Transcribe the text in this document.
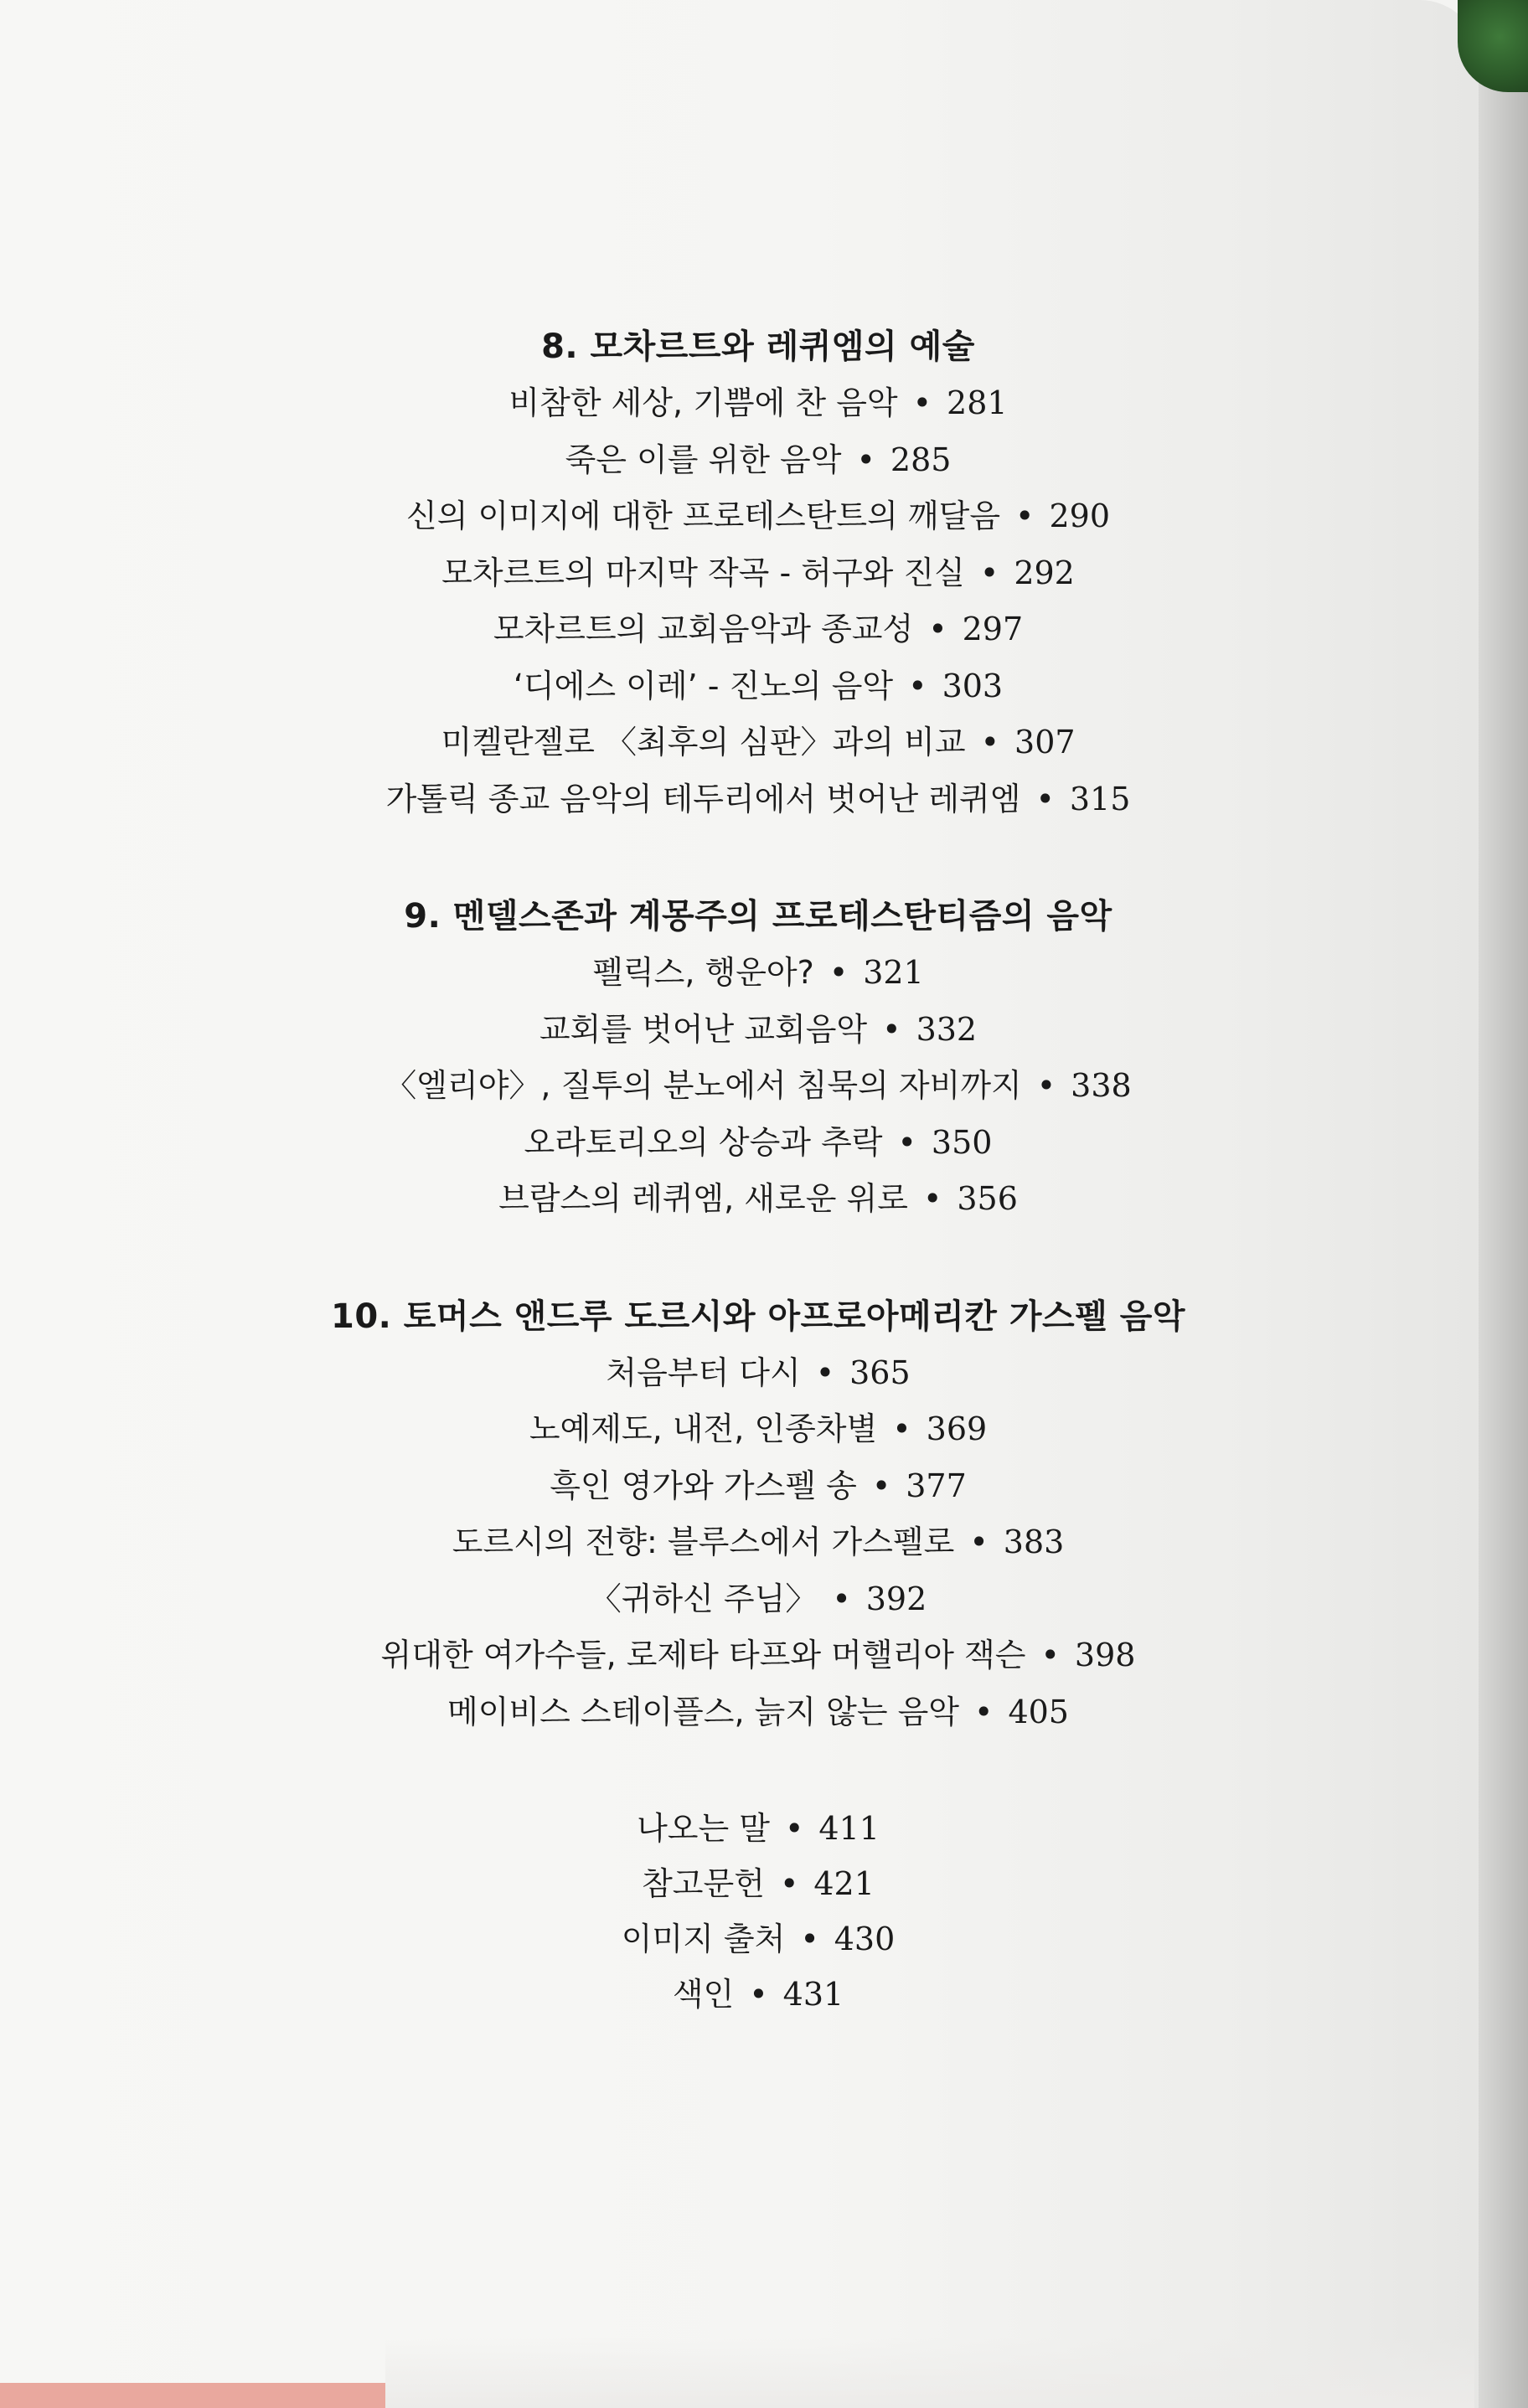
8. 모차르트와 레퀴엠의 예술
비참한 세상, 기쁨에 찬 음악 • 281
죽은 이를 위한 음악 • 285
신의 이미지에 대한 프로테스탄트의 깨달음 • 290
모차르트의 마지막 작곡 - 허구와 진실 • 292
모차르트의 교회음악과 종교성 • 297
‘디에스 이레’ - 진노의 음악 • 303
미켈란젤로 〈최후의 심판〉과의 비교 • 307
가톨릭 종교 음악의 테두리에서 벗어난 레퀴엠 • 315
9. 멘델스존과 계몽주의 프로테스탄티즘의 음악
펠릭스, 행운아? • 321
교회를 벗어난 교회음악 • 332
〈엘리야〉, 질투의 분노에서 침묵의 자비까지 • 338
오라토리오의 상승과 추락 • 350
브람스의 레퀴엠, 새로운 위로 • 356
10. 토머스 앤드루 도르시와 아프로아메리칸 가스펠 음악
처음부터 다시 • 365
노예제도, 내전, 인종차별 • 369
흑인 영가와 가스펠 송 • 377
도르시의 전향: 블루스에서 가스펠로 • 383
〈귀하신 주님〉 • 392
위대한 여가수들, 로제타 타프와 머핼리아 잭슨 • 398
메이비스 스테이플스, 늙지 않는 음악 • 405
나오는 말 • 411
참고문헌 • 421
이미지 출처 • 430
색인 • 431
